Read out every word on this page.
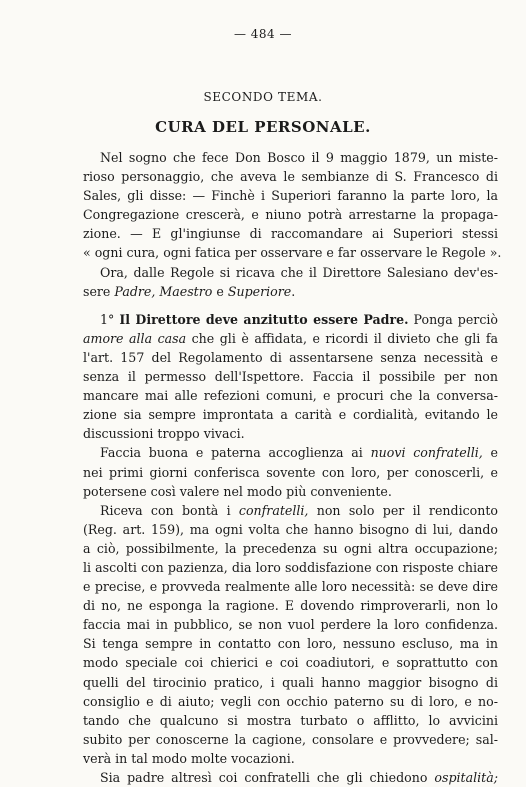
— 484 —
SECONDO TEMA.
CURA DEL PERSONALE.
Nel sogno che fece Don Bosco il 9 maggio 1879, un miste-
rioso personaggio, che aveva le sembianze di S. Francesco di
Sales, gli disse: — Finchè i Superiori faranno la parte loro, la
Congregazione crescerà, e niuno potrà arrestarne la propaga-
zione. — E gl'ingiunse di raccomandare ai Superiori stessi
« ogni cura, ogni fatica per osservare e far osservare le Regole ».
Ora, dalle Regole si ricava che il Direttore Salesiano dev'es-
sere Padre, Maestro e Superiore.
1° Il Direttore deve anzitutto essere Padre. Ponga perciò
amore alla casa che gli è affidata, e ricordi il divieto che gli fa
l'art. 157 del Regolamento di assentarsene senza necessità e
senza il permesso dell'Ispettore. Faccia il possibile per non
mancare mai alle refezioni comuni, e procuri che la conversa-
zione sia sempre improntata a carità e cordialità, evitando le
discussioni troppo vivaci.
Faccia buona e paterna accoglienza ai nuovi confratelli, e
nei primi giorni conferisca sovente con loro, per conoscerli, e
potersene così valere nel modo più conveniente.
Riceva con bontà i confratelli, non solo per il rendiconto
(Reg. art. 159), ma ogni volta che hanno bisogno di lui, dando
a ciò, possibilmente, la precedenza su ogni altra occupazione;
li ascolti con pazienza, dia loro soddisfazione con risposte chiare
e precise, e provveda realmente alle loro necessità: se deve dire
di no, ne esponga la ragione. E dovendo rimproverarli, non lo
faccia mai in pubblico, se non vuol perdere la loro confidenza.
Si tenga sempre in contatto con loro, nessuno escluso, ma in
modo speciale coi chierici e coi coadiutori, e soprattutto con
quelli del tirocinio pratico, i quali hanno maggior bisogno di
consiglio e di aiuto; vegli con occhio paterno su di loro, e no-
tando che qualcuno si mostra turbato o afflitto, lo avvicini
subito per conoscerne la cagione, consolare e provvedere; sal-
verà in tal modo molte vocazioni.
Sia padre altresì coi confratelli che gli chiedono ospitalità;
